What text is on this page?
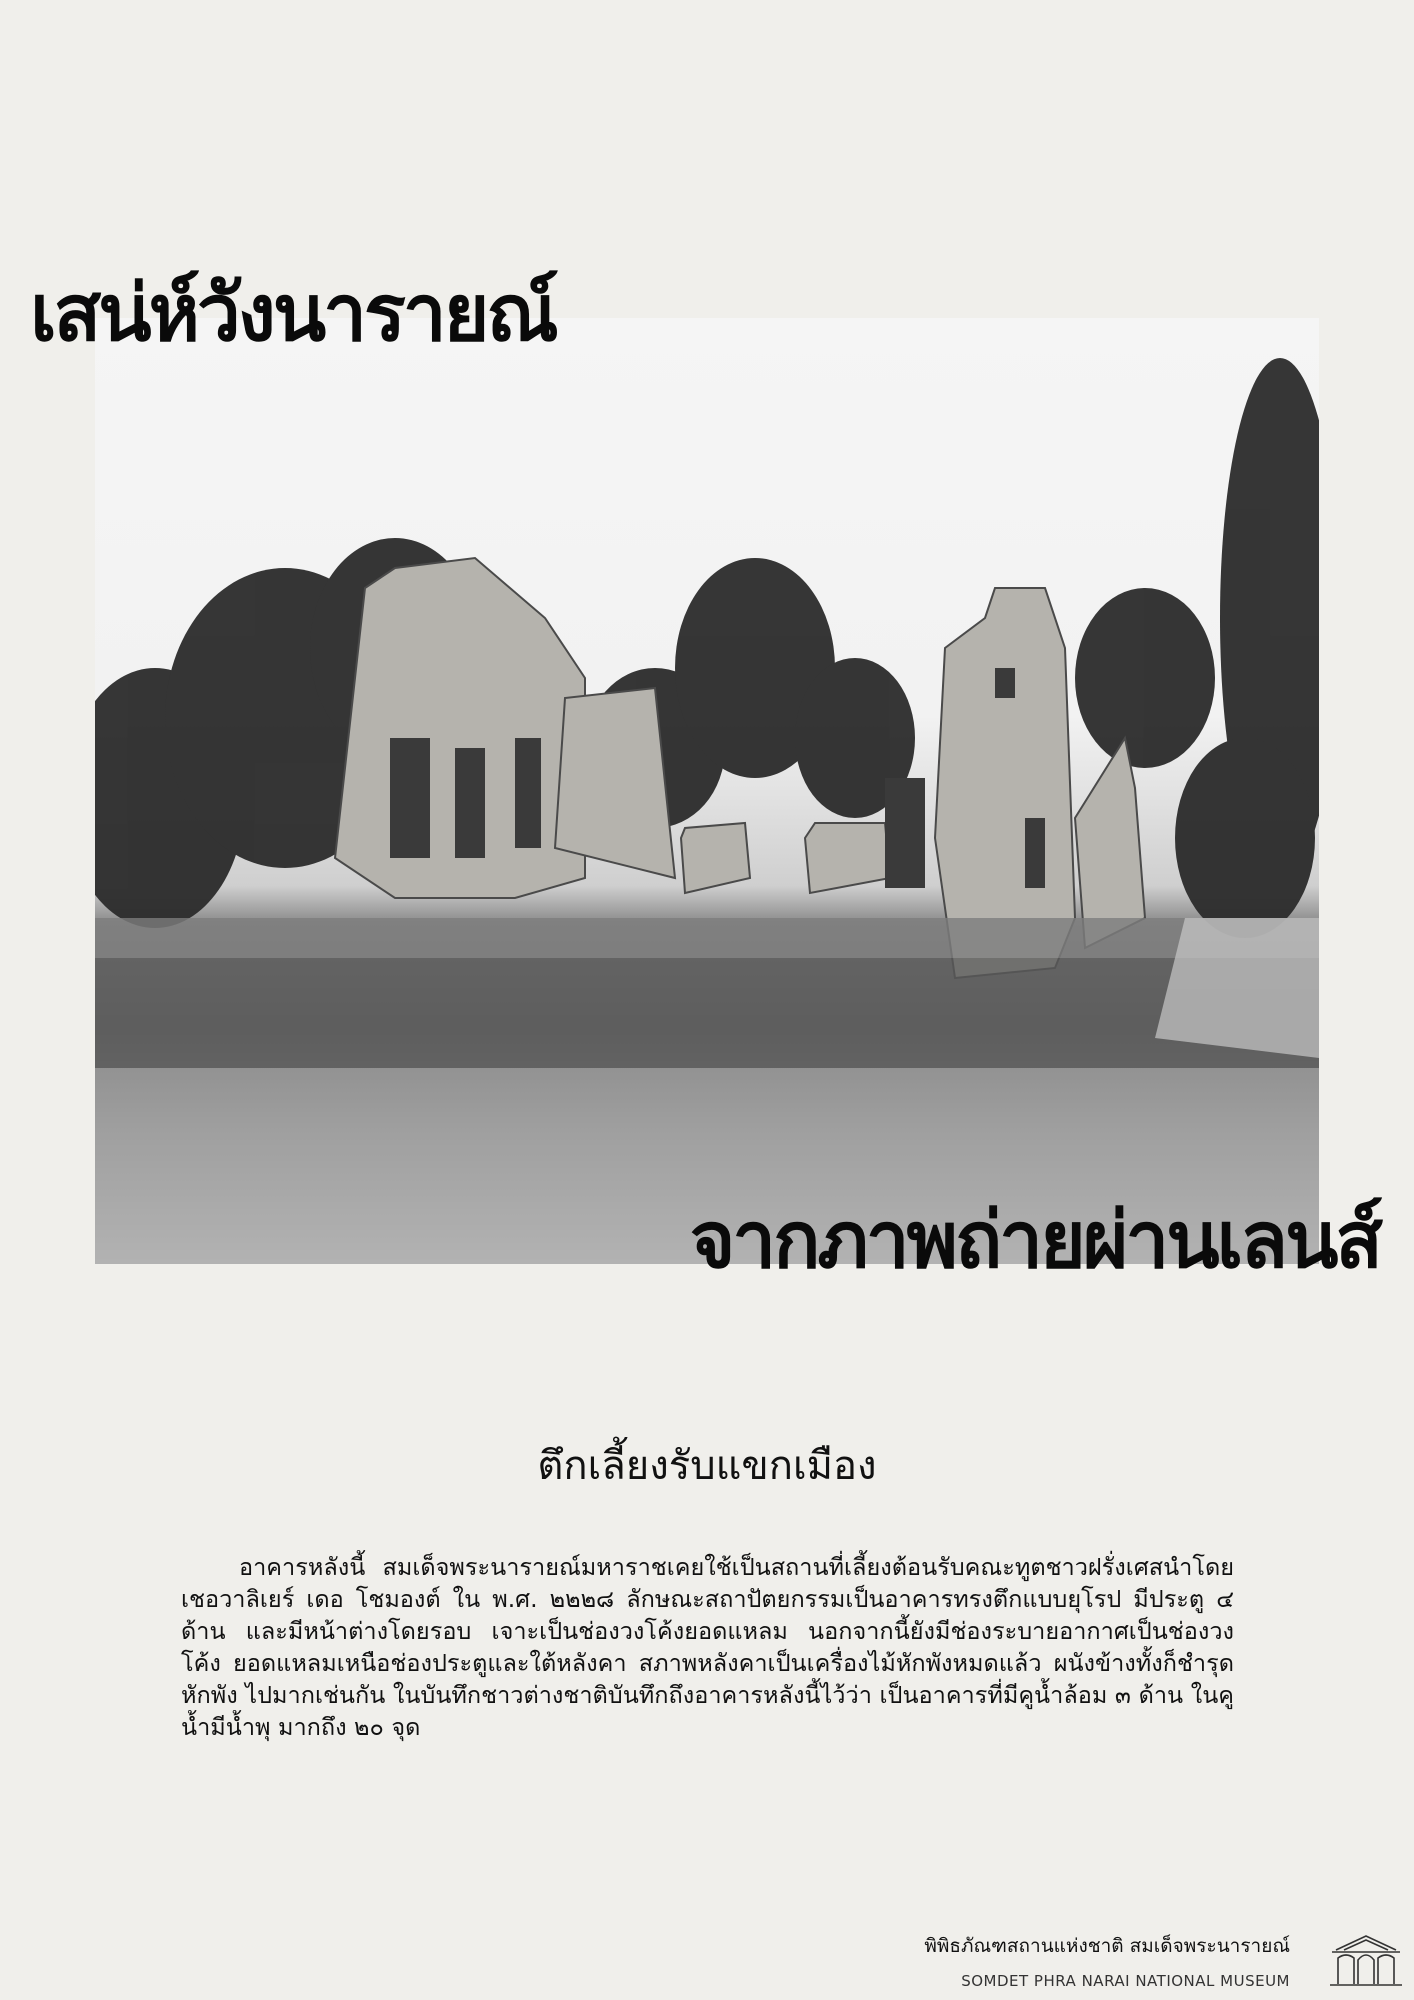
เสน่ห์วังนารายณ์
จากภาพถ่ายผ่านเลนส์
ตึกเลี้ยงรับแขกเมือง
อาคารหลังนี้ สมเด็จพระนารายณ์มหาราชเคยใช้เป็นสถานที่เลี้ยงต้อนรับคณะทูตชาวฝรั่งเศสนำโดย เชอวาลิเยร์ เดอ โชมองต์ ใน พ.ศ. ๒๒๒๘ ลักษณะสถาปัตยกรรมเป็นอาคารทรงตึกแบบยุโรป มีประตู ๔ ด้าน และมีหน้าต่างโดยรอบ เจาะเป็นช่องวงโค้งยอดแหลม นอกจากนี้ยังมีช่องระบายอากาศเป็นช่องวงโค้ง ยอดแหลมเหนือช่องประตูและใต้หลังคา สภาพหลังคาเป็นเครื่องไม้หักพังหมดแล้ว ผนังข้างทั้งก็ชำรุดหักพัง ไปมากเช่นกัน ในบันทึกชาวต่างชาติบันทึกถึงอาคารหลังนี้ไว้ว่า เป็นอาคารที่มีคูน้ำล้อม ๓ ด้าน ในคูน้ำมีน้ำพุ มากถึง ๒๐ จุด
พิพิธภัณฑสถานแห่งชาติ สมเด็จพระนารายณ์
SOMDET PHRA NARAI NATIONAL MUSEUM
